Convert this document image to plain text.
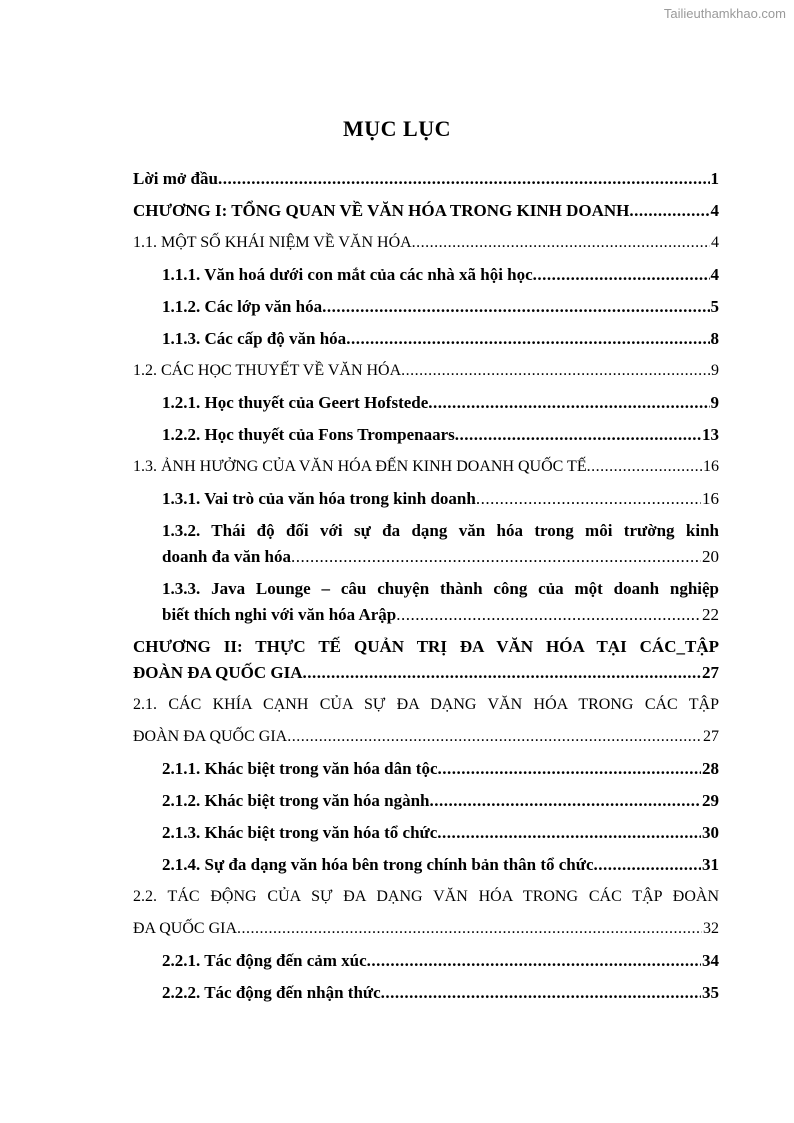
Tailieuthamkhao.com
MỤC LỤC
Lời mở đầu .....	1
CHƯƠNG I: TỔNG QUAN VỀ VĂN HÓA TRONG KINH DOANH .....	4
1.1. MỘT SỐ KHÁI NIỆM VỀ VĂN HÓA .....	4
1.1.1. Văn hoá dưới con mắt của các nhà xã hội học .....	4
1.1.2. Các lớp văn hóa .....	5
1.1.3. Các cấp độ văn hóa .....	8
1.2. CÁC HỌC THUYẾT VỀ VĂN HÓA .....	9
1.2.1. Học thuyết của Geert Hofstede .....	9
1.2.2. Học thuyết của Fons Trompenaars .....	13
1.3. ẢNH HƯỞNG CỦA VĂN HÓA ĐẾN KINH DOANH QUỐC TẾ .....	16
1.3.1. Vai trò của văn hóa trong kinh doanh .....	16
1.3.2. Thái độ đối với sự đa dạng văn hóa trong môi trường kinh
doanh đa văn hóa .....	20
1.3.3. Java Lounge – câu chuyện thành công của một doanh nghiệp
biết thích nghi với văn hóa Arập .....	22
CHƯƠNG II: THỰC TẾ QUẢN TRỊ ĐA VĂN HÓA TẠI CÁC_TẬP
ĐOÀN ĐA QUỐC GIA .....	27
2.1. CÁC KHÍA CẠNH CỦA SỰ ĐA DẠNG VĂN HÓA TRONG CÁC TẬP
ĐOÀN ĐA QUỐC GIA .....	27
2.1.1. Khác biệt trong văn hóa dân tộc .....	28
2.1.2. Khác biệt trong văn hóa ngành .....	29
2.1.3. Khác biệt trong văn hóa tổ chức .....	30
2.1.4. Sự đa dạng văn hóa bên trong chính bản thân tổ chức .....	31
2.2. TÁC ĐỘNG CỦA SỰ ĐA DẠNG VĂN HÓA TRONG CÁC TẬP ĐOÀN
ĐA QUỐC GIA .....	32
2.2.1. Tác động đến cảm xúc .....	34
2.2.2. Tác động đến nhận thức .....	35
